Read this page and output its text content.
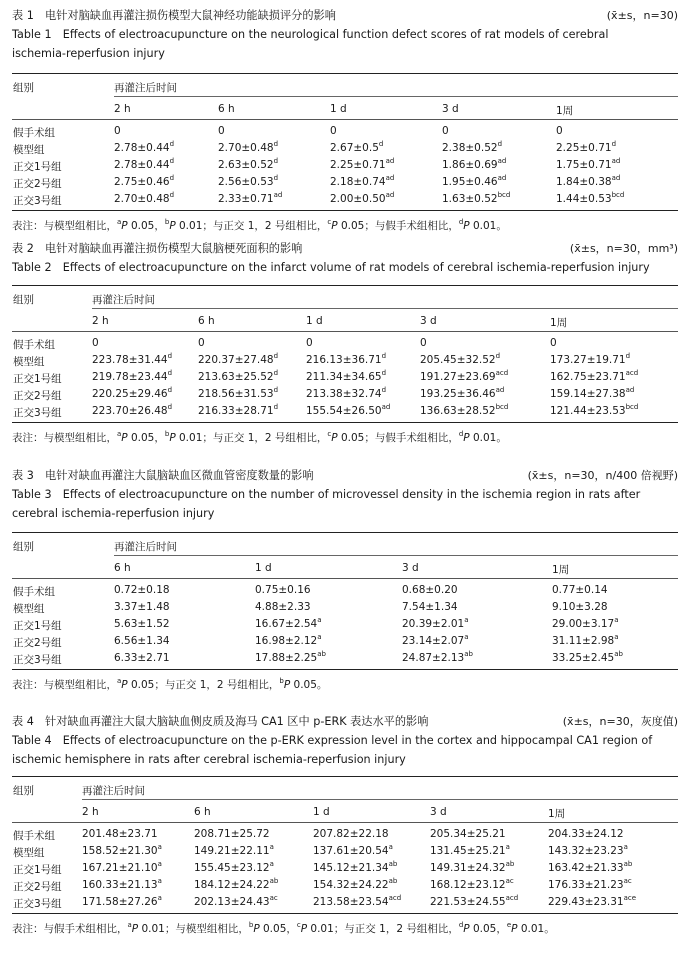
表 1　电针对脑缺血再灌注损伤模型大鼠神经功能缺损评分的影响	(x̄±s，n=30)
Table 1　Effects of electroacupuncture on the neurological function defect scores of rat models of cerebral ischemia-reperfusion injury
组别	再灌注后时间
2 h	6 h	1 d	3 d	1周
假手术组	0	0	0	0	0
模型组	2.78±0.44$^d$	2.70±0.48$^d$	2.67±0.5$^d$	2.38±0.52$^d$	2.25±0.71$^d$
正交1号组	2.78±0.44$^d$	2.63±0.52$^d$	2.25±0.71$^{ad}$	1.86±0.69$^{ad}$	1.75±0.71$^{ad}$
正交2号组	2.75±0.46$^d$	2.56±0.53$^d$	2.18±0.74$^{ad}$	1.95±0.46$^{ad}$	1.84±0.38$^{ad}$
正交3号组	2.70±0.48$^d$	2.33±0.71$^{ad}$	2.00±0.50$^{ad}$	1.63±0.52$^{bcd}$	1.44±0.53$^{bcd}$
表注：与模型组相比，$^a$P 0.05，$^b$P 0.01；与正交 1，2 号组相比，$^c$P 0.05；与假手术组相比，$^d$P 0.01。
表 2　电针对脑缺血再灌注损伤模型大鼠脑梗死面积的影响	(x̄±s，n=30，mm³)
Table 2　Effects of electroacupuncture on the infarct volume of rat models of cerebral ischemia-reperfusion injury
组别	再灌注后时间
2 h	6 h	1 d	3 d	1周
假手术组	0	0	0	0	0
模型组	223.78±31.44$^d$ 220.37±27.48$^d$	216.13±36.71$^d$	205.45±32.52$^d$	173.27±19.71$^d$
正交1号组	219.78±23.44$^d$ 213.63±25.52$^d$	211.34±34.65$^d$	191.27±23.69$^{acd}$	162.75±23.71$^{acd}$
正交2号组	220.25±29.46$^d$ 218.56±31.53$^d$	213.38±32.74$^d$	193.25±36.46$^{ad}$	159.14±27.38$^{ad}$
正交3号组	223.70±26.48$^d$ 216.33±28.71$^d$	155.54±26.50$^{ad}$	136.63±28.52$^{bcd}$	121.44±23.53$^{bcd}$
表注：与模型组相比，$^a$P 0.05，$^b$P 0.01；与正交 1，2 号组相比，$^c$P 0.05；与假手术组相比，$^d$P 0.01。
表 3　电针对缺血再灌注大鼠脑缺血区微血管密度数量的影响	(x̄±s，n=30，n/400 倍视野)
Table 3　Effects of electroacupuncture on the number of microvessel density in the ischemia region in rats after cerebral ischemia-reperfusion injury
组别	再灌注后时间
6 h	1 d	3 d	1周
假手术组	0.72±0.18	0.75±0.16	0.68±0.20	0.77±0.14
模型组	3.37±1.48	4.88±2.33	7.54±1.34	9.10±3.28
正交1号组	5.63±1.52	16.67±2.54$^a$	20.39±2.01$^a$	29.00±3.17$^a$
正交2号组	6.56±1.34	16.98±2.12$^a$	23.14±2.07$^a$	31.11±2.98$^a$
正交3号组	6.33±2.71	17.88±2.25$^{ab}$	24.87±2.13$^{ab}$	33.25±2.45$^{ab}$
表注：与模型组相比，$^a$P 0.05；与正交 1，2 号组相比，$^b$P 0.05。
表 4　针对缺血再灌注大鼠大脑缺血侧皮质及海马 CA1 区中 p-ERK 表达水平的影响	(x̄±s，n=30，灰度值)
Table 4　Effects of electroacupuncture on the p-ERK expression level in the cortex and hippocampal CA1 region of ischemic hemisphere in rats after cerebral ischemia-reperfusion injury
组别	再灌注后时间
2 h	6 h	1 d	3 d	1周
假手术组	201.48±23.71	208.71±25.72	207.82±22.18	205.34±25.21	204.33±24.12
模型组	158.52±21.30$^a$	149.21±22.11$^a$	137.61±20.54$^a$	131.45±25.21$^a$	143.32±23.23$^a$
正交1号组 167.21±21.10$^a$	155.45±23.12$^a$	145.12±21.34$^{ab}$	149.31±24.32$^{ab}$	163.42±21.33$^{ab}$
正交2号组 160.33±21.13$^a$	184.12±24.22$^{ab}$	154.32±24.22$^{ab}$	168.12±23.12$^{ac}$	176.33±21.23$^{ac}$
正交3号组 171.58±27.26$^a$	202.13±24.43$^{ac}$	213.58±23.54$^{acd}$	221.53±24.55$^{acd}$	229.43±23.31$^{ace}$
表注：与假手术组相比，$^a$P 0.01；与模型组相比，$^b$P 0.05，$^c$P 0.01；与正交 1，2 号组相比，$^d$P 0.05，$^e$P 0.01。
